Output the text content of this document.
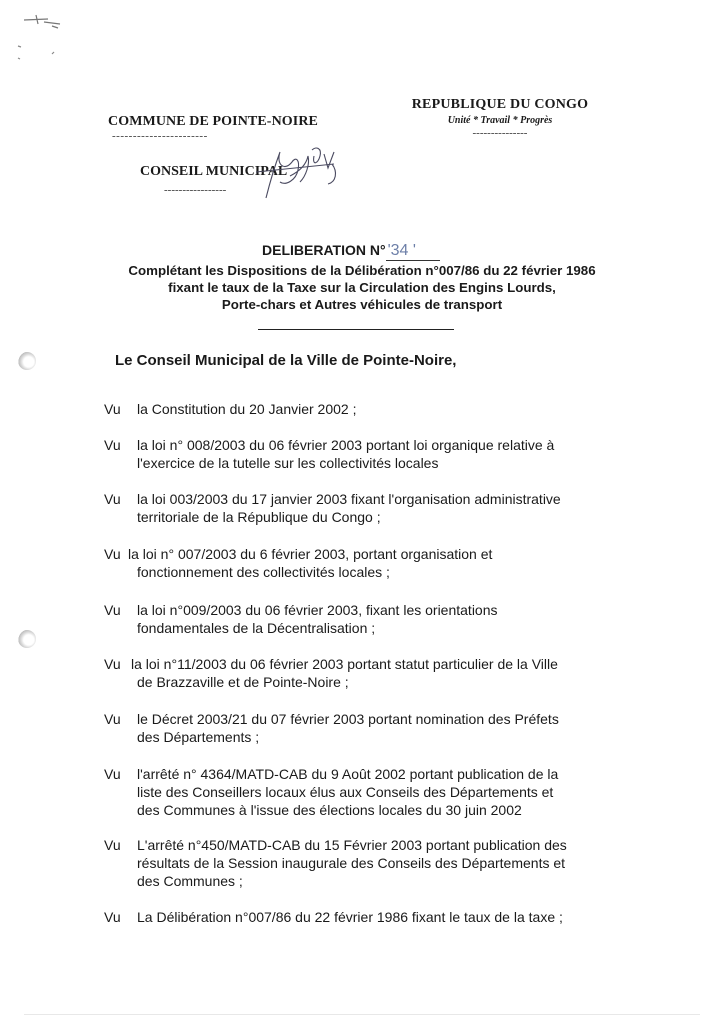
COMMUNE DE POINTE-NOIRE
-----------------------
CONSEIL MUNICIPAL
-----------------
REPUBLIQUE DU CONGO
Unité * Travail * Progrès
---------------
DELIBERATION N° '34 '
Complétant les Dispositions de la Délibération n°007/86 du 22 février 1986
fixant le taux de la Taxe sur la Circulation des Engins Lourds,
Porte-chars et Autres véhicules de transport
Le Conseil Municipal de la Ville de Pointe-Noire,
Vu	la Constitution du 20 Janvier 2002 ;
Vu	la loi n° 008/2003 du 06 février 2003 portant loi organique relative à
l'exercice de la tutelle sur les collectivités locales
Vu	la loi 003/2003 du 17 janvier 2003 fixant l'organisation administrative
territoriale de la République du Congo ;
Vu la loi n° 007/2003 du 6 février 2003, portant organisation et
fonctionnement des collectivités locales ;
Vu	la loi n°009/2003 du 06 février 2003, fixant les orientations
fondamentales de la Décentralisation ;
Vu la loi n°11/2003 du 06 février 2003 portant statut particulier de la Ville
de Brazzaville et de Pointe-Noire ;
Vu	le Décret 2003/21 du 07 février 2003 portant nomination des Préfets
des Départements ;
Vu	l'arrêté n° 4364/MATD-CAB du 9 Août 2002 portant publication de la
liste des Conseillers locaux élus aux Conseils des Départements et
des Communes à l'issue des élections locales du 30 juin 2002
Vu	L'arrêté n°450/MATD-CAB du 15 Février 2003 portant publication des
résultats de la Session inaugurale des Conseils des Départements et
des Communes ;
Vu	La Délibération n°007/86 du 22 février 1986 fixant le taux de la taxe ;
